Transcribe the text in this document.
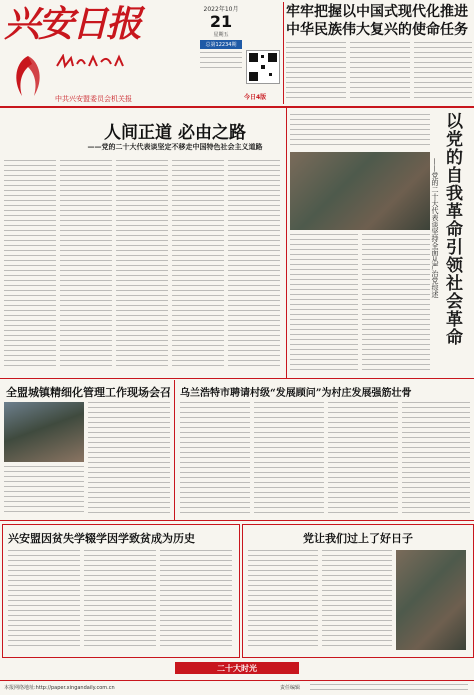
兴安日报
中共兴安盟委员会机关报
2022年10月
21
星期五
总第12234期
今日4版
牢牢把握以中国式现代化推进
中华民族伟大复兴的使命任务
人间正道 必由之路
——党的二十大代表谈坚定不移走中国特色社会主义道路	以党的自我革命引领社会革命
——党的二十大代表谈坚持全面从严治党综述
全盟城镇精细化管理工作现场会召 乌兰浩特市聘请村级“发展顾问”为村庄发展强筋壮骨
兴安盟因贫失学辍学因学致贫成为历史	党让我们过上了好日子
二十大时光
本报网络地址:http://paper.xingandaily.com.cn	责任编辑
